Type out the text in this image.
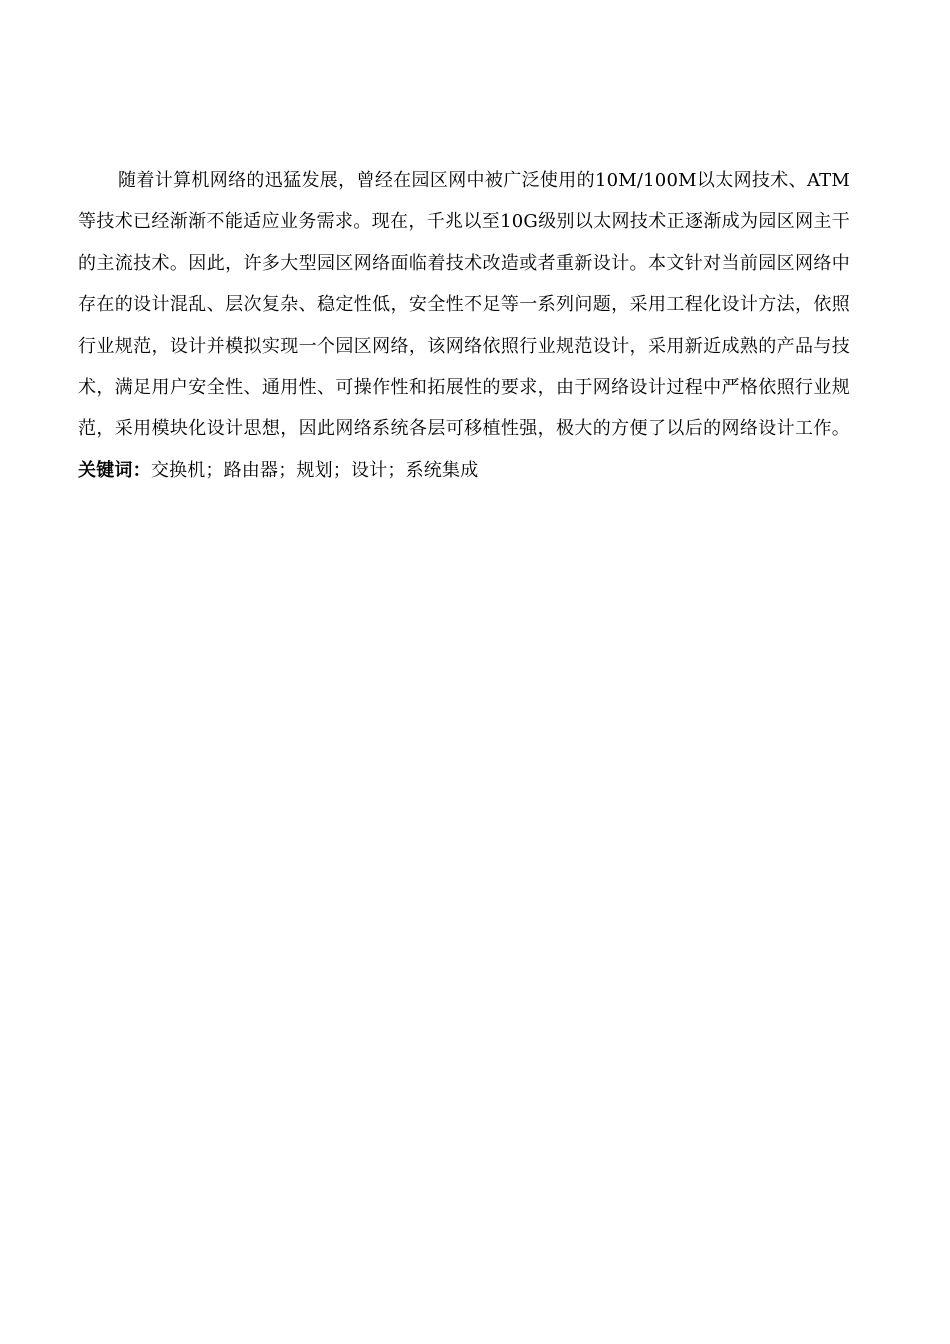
随着计算机网络的迅猛发展，曾经在园区网中被广泛使用的10M/100M以太网技术、ATM等技术已经渐渐不能适应业务需求。现在，千兆以至10G级别以太网技术正逐渐成为园区网主干的主流技术。因此，许多大型园区网络面临着技术改造或者重新设计。本文针对当前园区网络中存在的设计混乱、层次复杂、稳定性低，安全性不足等一系列问题，采用工程化设计方法，依照行业规范，设计并模拟实现一个园区网络，该网络依照行业规范设计，采用新近成熟的产品与技术，满足用户安全性、通用性、可操作性和拓展性的要求，由于网络设计过程中严格依照行业规范，采用模块化设计思想，因此网络系统各层可移植性强，极大的方便了以后的网络设计工作。关键词：交换机；路由器；规划；设计；系统集成
